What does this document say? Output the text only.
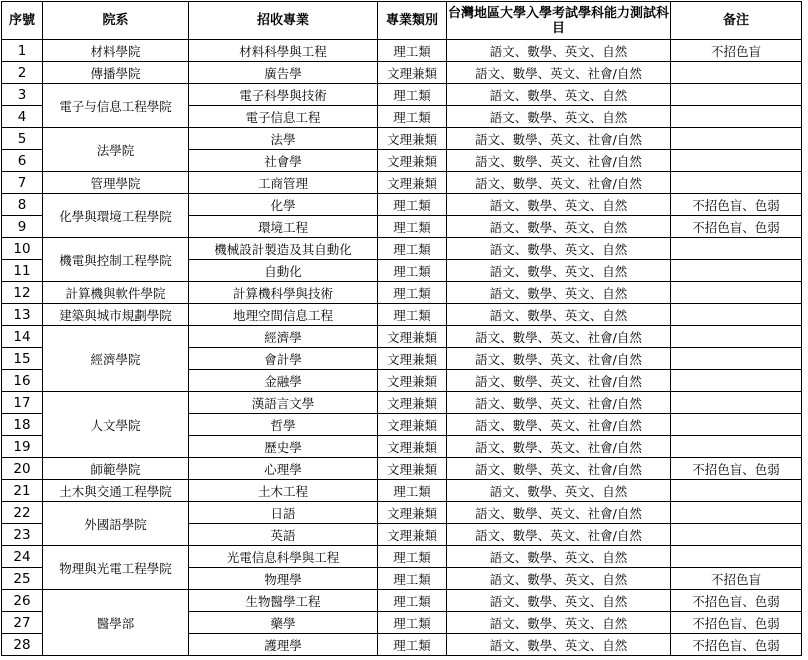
序號	院系	招收專業	專業類別	台灣地區大學入學考試學科能力測試科目	备注
1	材料學院	材料科學與工程	理工類	語文、數學、英文、自然	不招色盲
2	傳播學院	廣告學	文理兼類	語文、數學、英文、社會/自然	
3	電子与信息工程學院	電子科學與技術	理工類	語文、數學、英文、自然	
4		電子信息工程	理工類	語文、數學、英文、自然	
5	法學院	法學	文理兼類	語文、數學、英文、社會/自然	
6		社會學	文理兼類	語文、數學、英文、社會/自然	
7	管理學院	工商管理	文理兼類	語文、數學、英文、社會/自然	
8	化學與環境工程學院	化學	理工類	語文、數學、英文、自然	不招色盲、色弱
9		環境工程	理工類	語文、數學、英文、自然	不招色盲、色弱
10	機電與控制工程學院	機械設計製造及其自動化	理工類	語文、數學、英文、自然	
11		自動化	理工類	語文、數學、英文、自然	
12	計算機與軟件學院	計算機科學與技術	理工類	語文、數學、英文、自然	
13	建築與城市規劃學院	地理空間信息工程	理工類	語文、數學、英文、自然	
14	經濟學院	經濟學	文理兼類	語文、數學、英文、社會/自然	
15		會計學	文理兼類	語文、數學、英文、社會/自然	
16		金融學	文理兼類	語文、數學、英文、社會/自然	
17	人文學院	漢語言文學	文理兼類	語文、數學、英文、社會/自然	
18		哲學	文理兼類	語文、數學、英文、社會/自然	
19		歷史學	文理兼類	語文、數學、英文、社會/自然	
20	師範學院	心理學	文理兼類	語文、數學、英文、社會/自然	不招色盲、色弱
21	土木與交通工程學院	土木工程	理工類	語文、數學、英文、自然	
22	外國語學院	日語	文理兼類	語文、數學、英文、社會/自然	
23		英語	文理兼類	語文、數學、英文、社會/自然	
24	物理與光電工程學院	光電信息科學與工程	理工類	語文、數學、英文、自然	
25		物理學	理工類	語文、數學、英文、自然	不招色盲
26	醫學部	生物醫學工程	理工類	語文、數學、英文、自然	不招色盲、色弱
27		藥學	理工類	語文、數學、英文、自然	不招色盲、色弱
28		護理學	理工類	語文、數學、英文、自然	不招色盲、色弱
